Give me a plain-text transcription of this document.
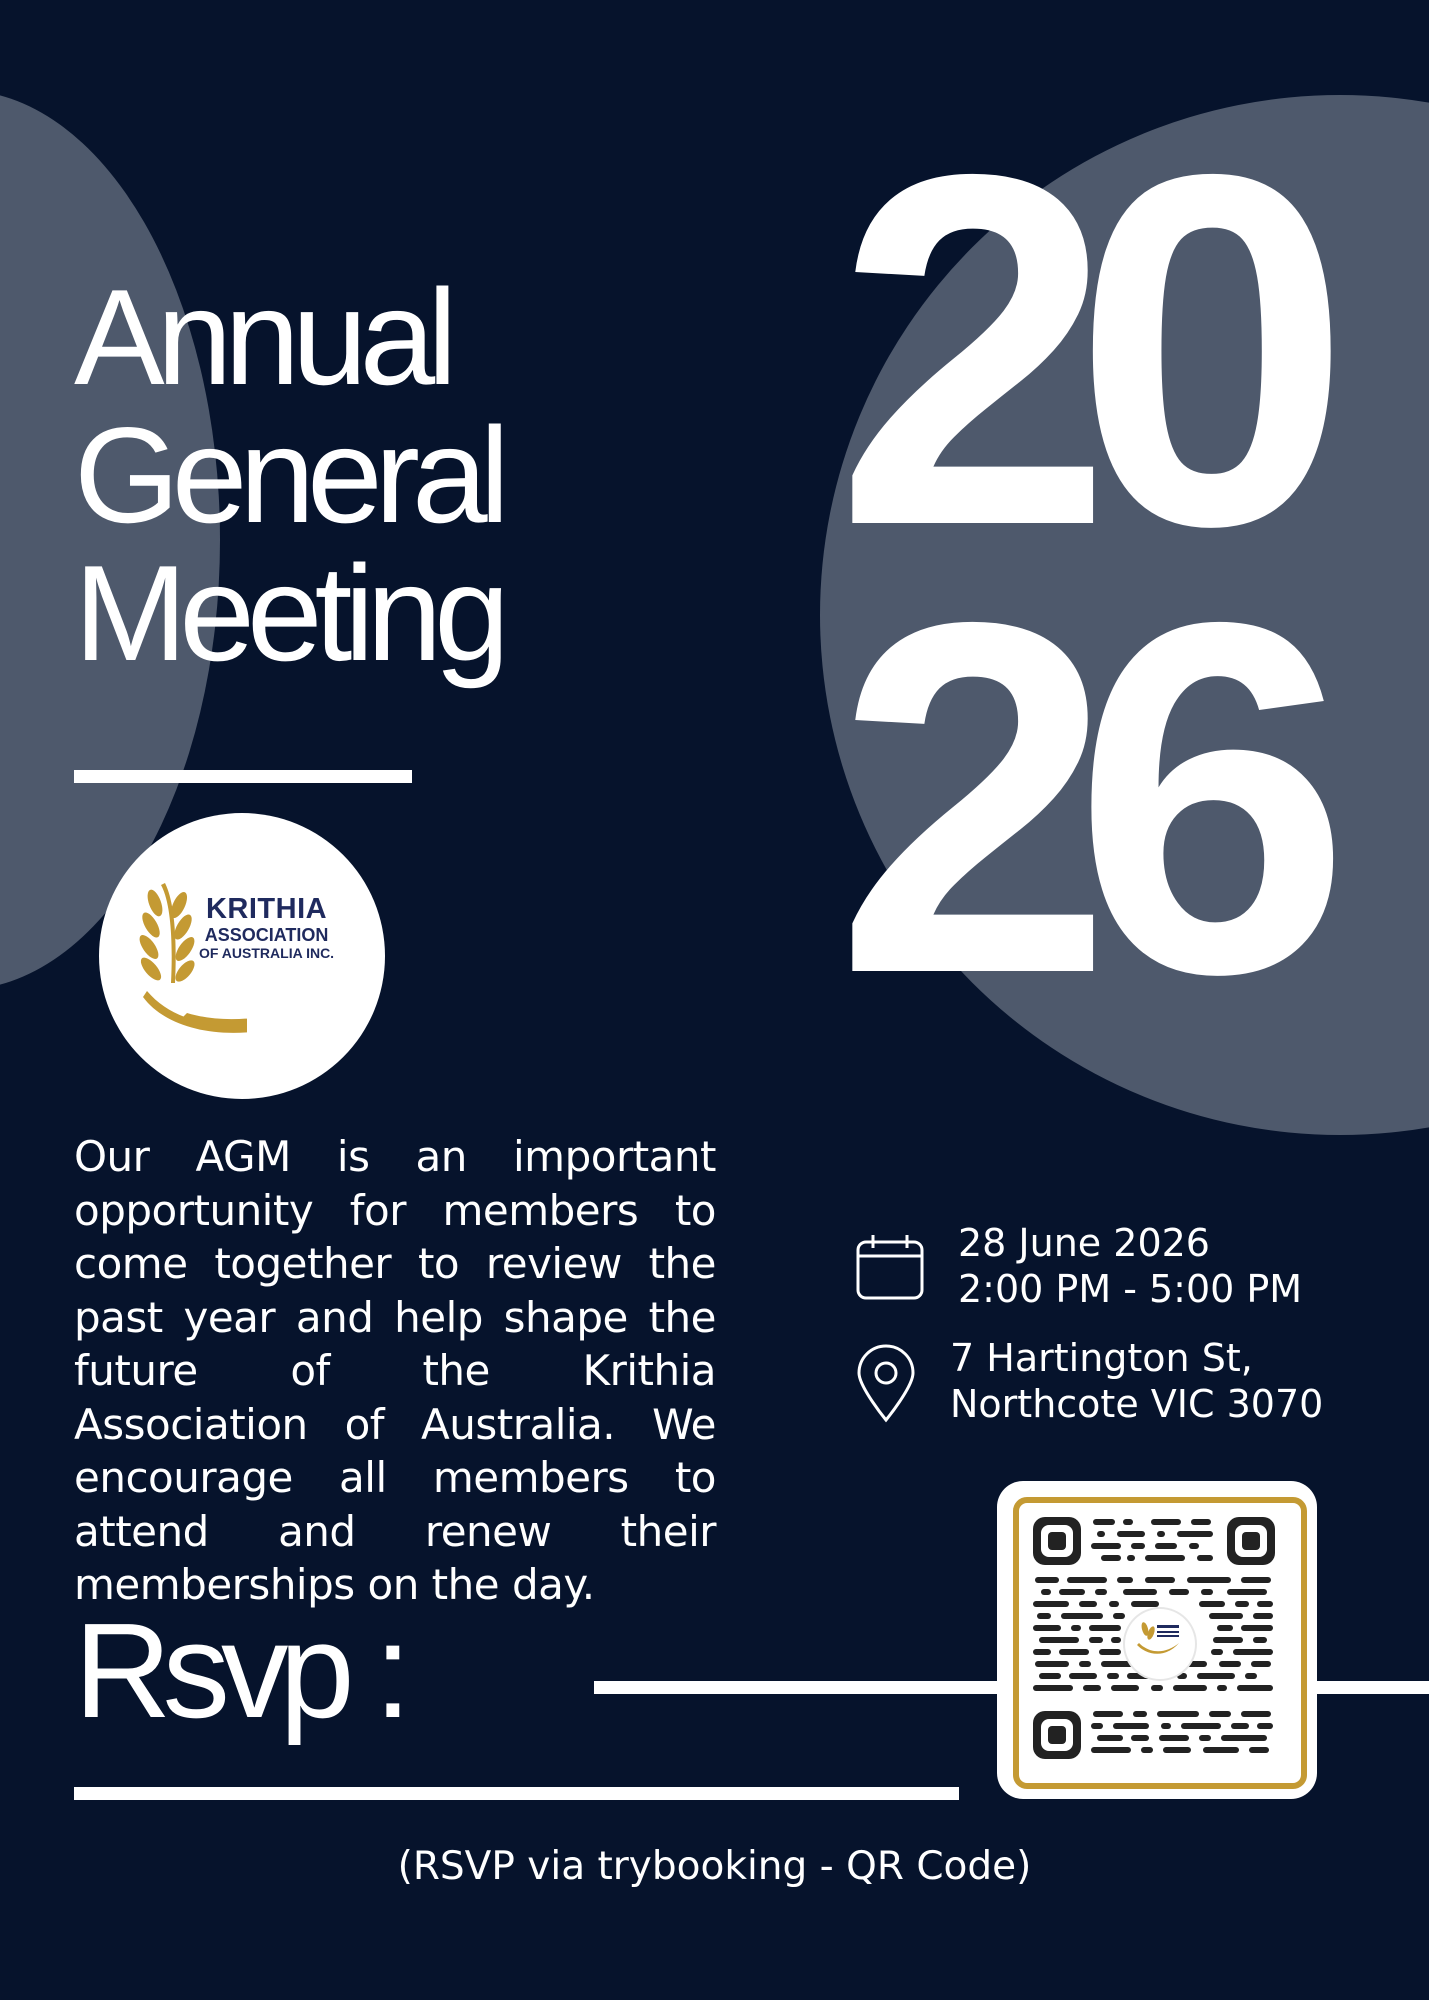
Annual
General
Meeting 20
26
KRITHIA
ASSOCIATION
OF AUSTRALIA INC.

Our AGM is an important opportunity for members to come together to review the past year and help shape the future of the Krithia Association of Australia. We encourage all members to attend and renew their memberships on the day.

28 June 2026
2:00 PM - 5:00 PM
7 Hartington St,
Northcote VIC 3070
Rsvp :

(RSVP via trybooking - QR Code)
